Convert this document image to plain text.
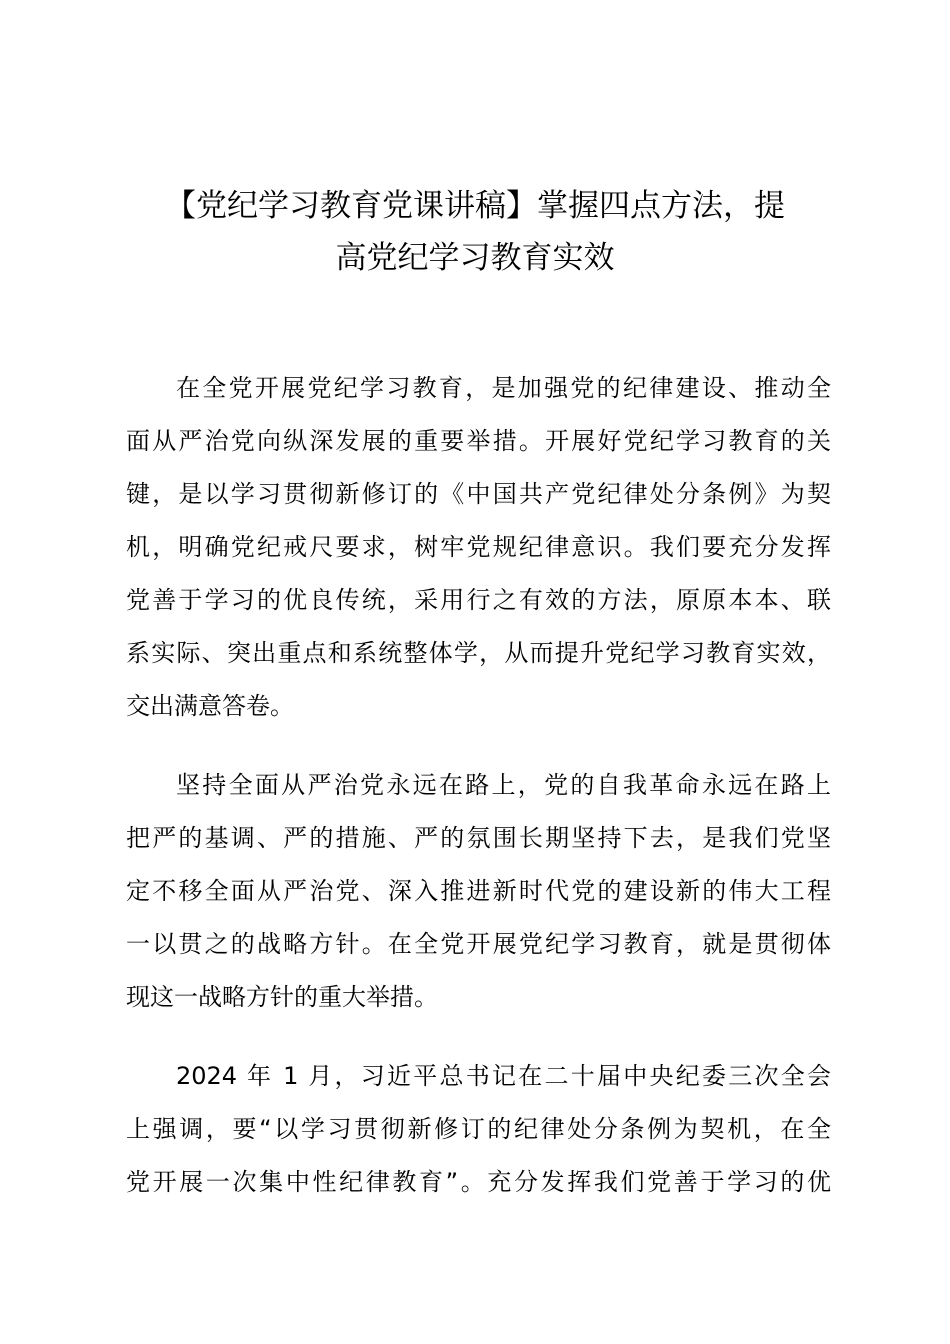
【党纪学习教育党课讲稿】掌握四点方法，提
高党纪学习教育实效

在全党开展党纪学习教育，是加强党的纪律建设、推动全
面从严治党向纵深发展的重要举措。开展好党纪学习教育的关
键，是以学习贯彻新修订的《中国共产党纪律处分条例》为契
机，明确党纪戒尺要求，树牢党规纪律意识。我们要充分发挥
党善于学习的优良传统，采用行之有效的方法，原原本本、联
系实际、突出重点和系统整体学，从而提升党纪学习教育实效，
交出满意答卷。

坚持全面从严治党永远在路上，党的自我革命永远在路上
把严的基调、严的措施、严的氛围长期坚持下去，是我们党坚
定不移全面从严治党、深入推进新时代党的建设新的伟大工程
一以贯之的战略方针。在全党开展党纪学习教育，就是贯彻体
现这一战略方针的重大举措。

2024 年 1 月，习近平总书记在二十届中央纪委三次全会
上强调，要“以学习贯彻新修订的纪律处分条例为契机，在全
党开展一次集中性纪律教育”。充分发挥我们党善于学习的优
